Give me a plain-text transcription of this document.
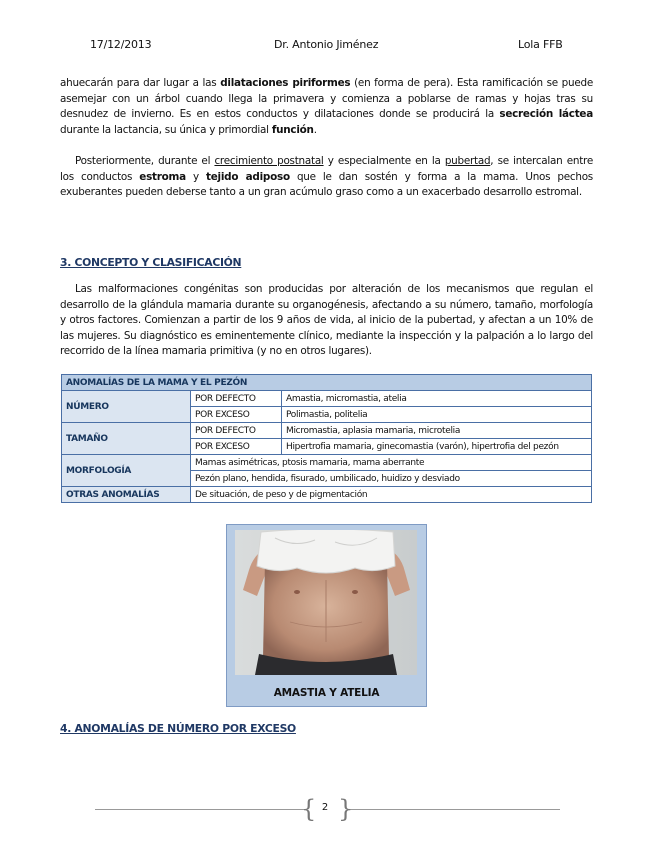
17/12/2013	Dr. Antonio Jiménez	Lola FFB

ahuecarán para dar lugar a las dilataciones piriformes (en forma de pera). Esta ramificación se puede asemejar con un árbol cuando llega la primavera y comienza a poblarse de ramas y hojas tras su desnudez de invierno. Es en estos conductos y dilataciones donde se producirá la secreción láctea durante la lactancia, su única y primordial función.

Posteriormente, durante el crecimiento postnatal y especialmente en la pubertad, se intercalan entre los conductos estroma y tejido adiposo que le dan sostén y forma a la mama. Unos pechos exuberantes pueden deberse tanto a un gran acúmulo graso como a un exacerbado desarrollo estromal.

3. CONCEPTO Y CLASIFICACIÓN

Las malformaciones congénitas son producidas por alteración de los mecanismos que regulan el desarrollo de la glándula mamaria durante su organogénesis, afectando a su número, tamaño, morfología y otros factores. Comienzan a partir de los 9 años de vida, al inicio de la pubertad, y afectan a un 10% de las mujeres. Su diagnóstico es eminentemente clínico, mediante la inspección y la palpación a lo largo del recorrido de la línea mamaria primitiva (y no en otros lugares).

ANOMALÍAS DE LA MAMA Y EL PEZÓN		
NÚMERO	POR DEFECTO	Amastia, micromastia, atelia
	POR EXCESO	Polimastia, politelia
TAMAÑO	POR DEFECTO	Micromastia, aplasia mamaria, microtelia
	POR EXCESO	Hipertrofia mamaria, ginecomastia (varón), hipertrofia del pezón
MORFOLOGÍA	Mamas asimétricas, ptosis mamaria, mama aberrante	
	Pezón plano, hendida, fisurado, umbilicado, huidizo y desviado	
OTRAS ANOMALÍAS	De situación, de peso y de pigmentación	
AMASTIA Y ATELIA
4. ANOMALÍAS DE NÚMERO POR EXCESO
{ }
2
